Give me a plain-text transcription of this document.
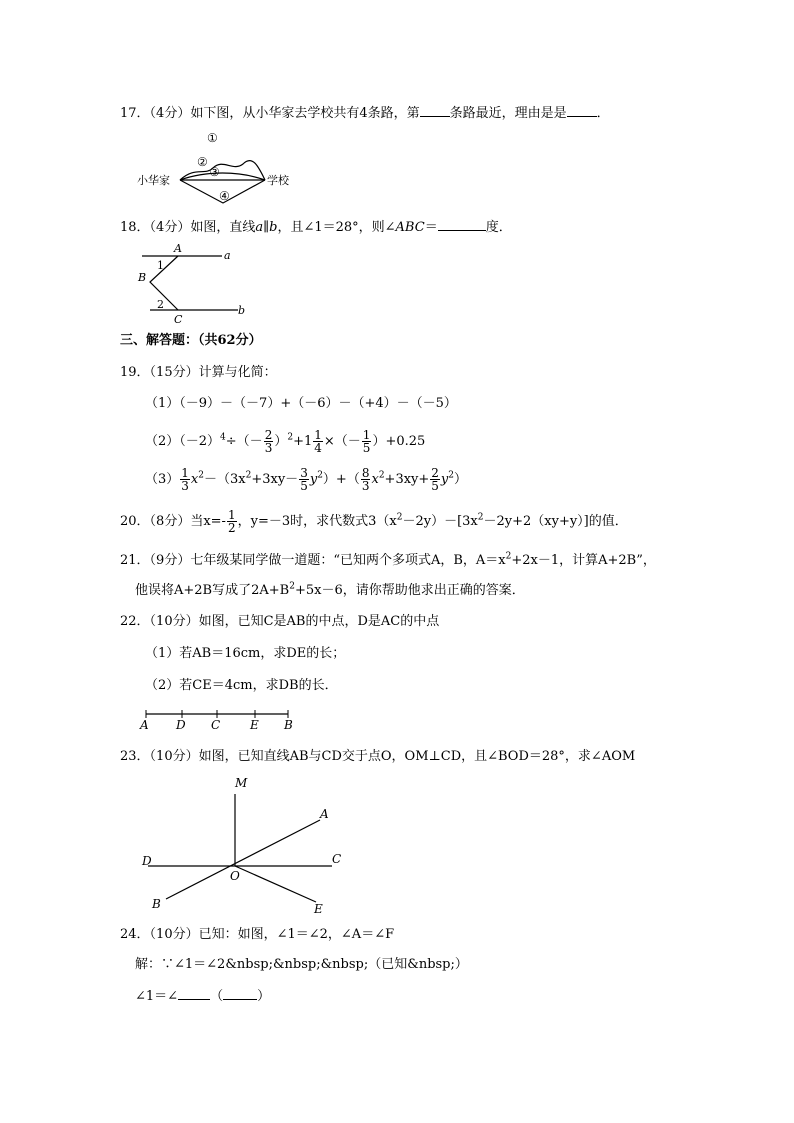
17．（4分）如下图，从小华家去学校共有4条路，第 条路最近，理由是是 ．
小华家	学校
①
②
③
④
18．（4分）如图，直线a∥b，且∠1＝28°，则∠ABC＝	度．
A
a
B
1
2
C
b
三、解答题：（共62分）
19．（15分）计算与化简：
（1）（－9）－（－7）+（－6）－（+4）－（－5）
$(2)(-2)^4\div(- \frac{2}{3} )^2+1 \frac{1}{4}$ ×（－ $\frac{1}{5} )+0.25$
$(3) \frac{1}{3} x^2-(3x^2+3xy- \frac{3}{5} y^2)+( \frac{8}{3} x^2+3xy+ \frac{2}{5} y^2)$
20．（8分）当$x=- \frac{1}{2}$ ，y=－3时，求代数式$3(x^2-2y)-[3x^2-2y+2(xy+y)]$的值．
21．（9分）七年级某同学做一道题：“已知两个多项式A，B，$A=x^2+2x-1$，计算A+2B”，
他误将A+2B写成了$2A+B^2+5x-6$，请你帮助他求出正确的答案．
22．（10分）如图，已知C是AB的中点，D是AC的中点
（1）若AB＝16cm，求DE的长；
（2）若CE＝4cm，求DB的长．
A D C E B
23．（10分）如图，已知直线AB与CD交于点O，OM⊥CD，且∠BOD＝28°，求∠AOM
M
A
D	C
O
B	E
24．（10分）已知：如图，∠1＝∠2，∠A＝∠F
解：∵∠1＝∠2&nbsp;&nbsp;&nbsp;（已知&nbsp;）
∠1＝∠ （	）
